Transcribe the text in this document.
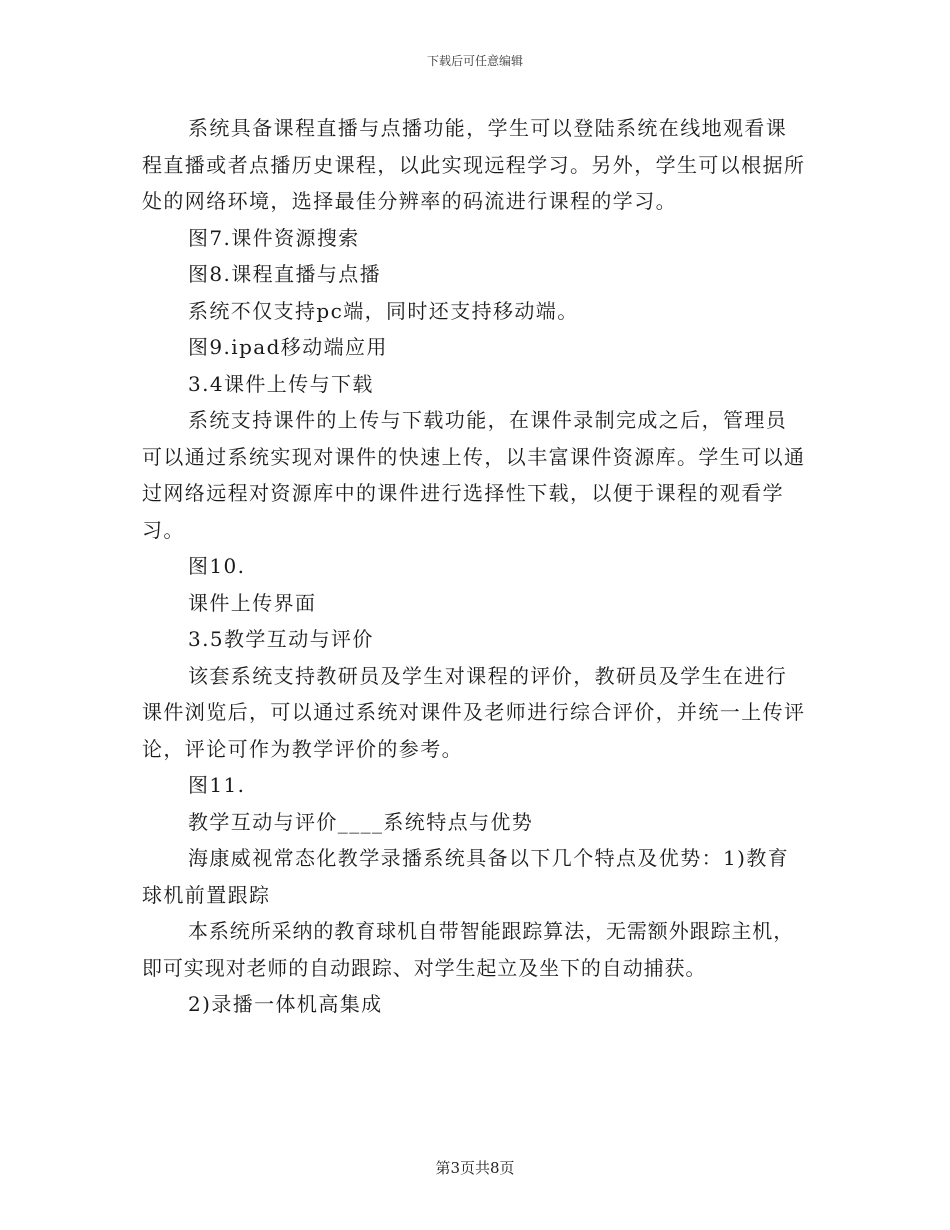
下载后可任意编辑

系统具备课程直播与点播功能，学生可以登陆系统在线地观看课程直播或者点播历史课程，以此实现远程学习。另外，学生可以根据所处的网络环境，选择最佳分辨率的码流进行课程的学习。

图7.课件资源搜索

图8.课程直播与点播

系统不仅支持pc端，同时还支持移动端。

图9.ipad移动端应用

3.4课件上传与下载

系统支持课件的上传与下载功能，在课件录制完成之后，管理员可以通过系统实现对课件的快速上传，以丰富课件资源库。学生可以通过网络远程对资源库中的课件进行选择性下载，以便于课程的观看学习。

图10.

课件上传界面

3.5教学互动与评价

该套系统支持教研员及学生对课程的评价，教研员及学生在进行课件浏览后，可以通过系统对课件及老师进行综合评价，并统一上传评论，评论可作为教学评价的参考。

图11.

教学互动与评价____系统特点与优势

海康威视常态化教学录播系统具备以下几个特点及优势：1)教育球机前置跟踪

本系统所采纳的教育球机自带智能跟踪算法，无需额外跟踪主机，即可实现对老师的自动跟踪、对学生起立及坐下的自动捕获。

2)录播一体机高集成

第3页共8页
